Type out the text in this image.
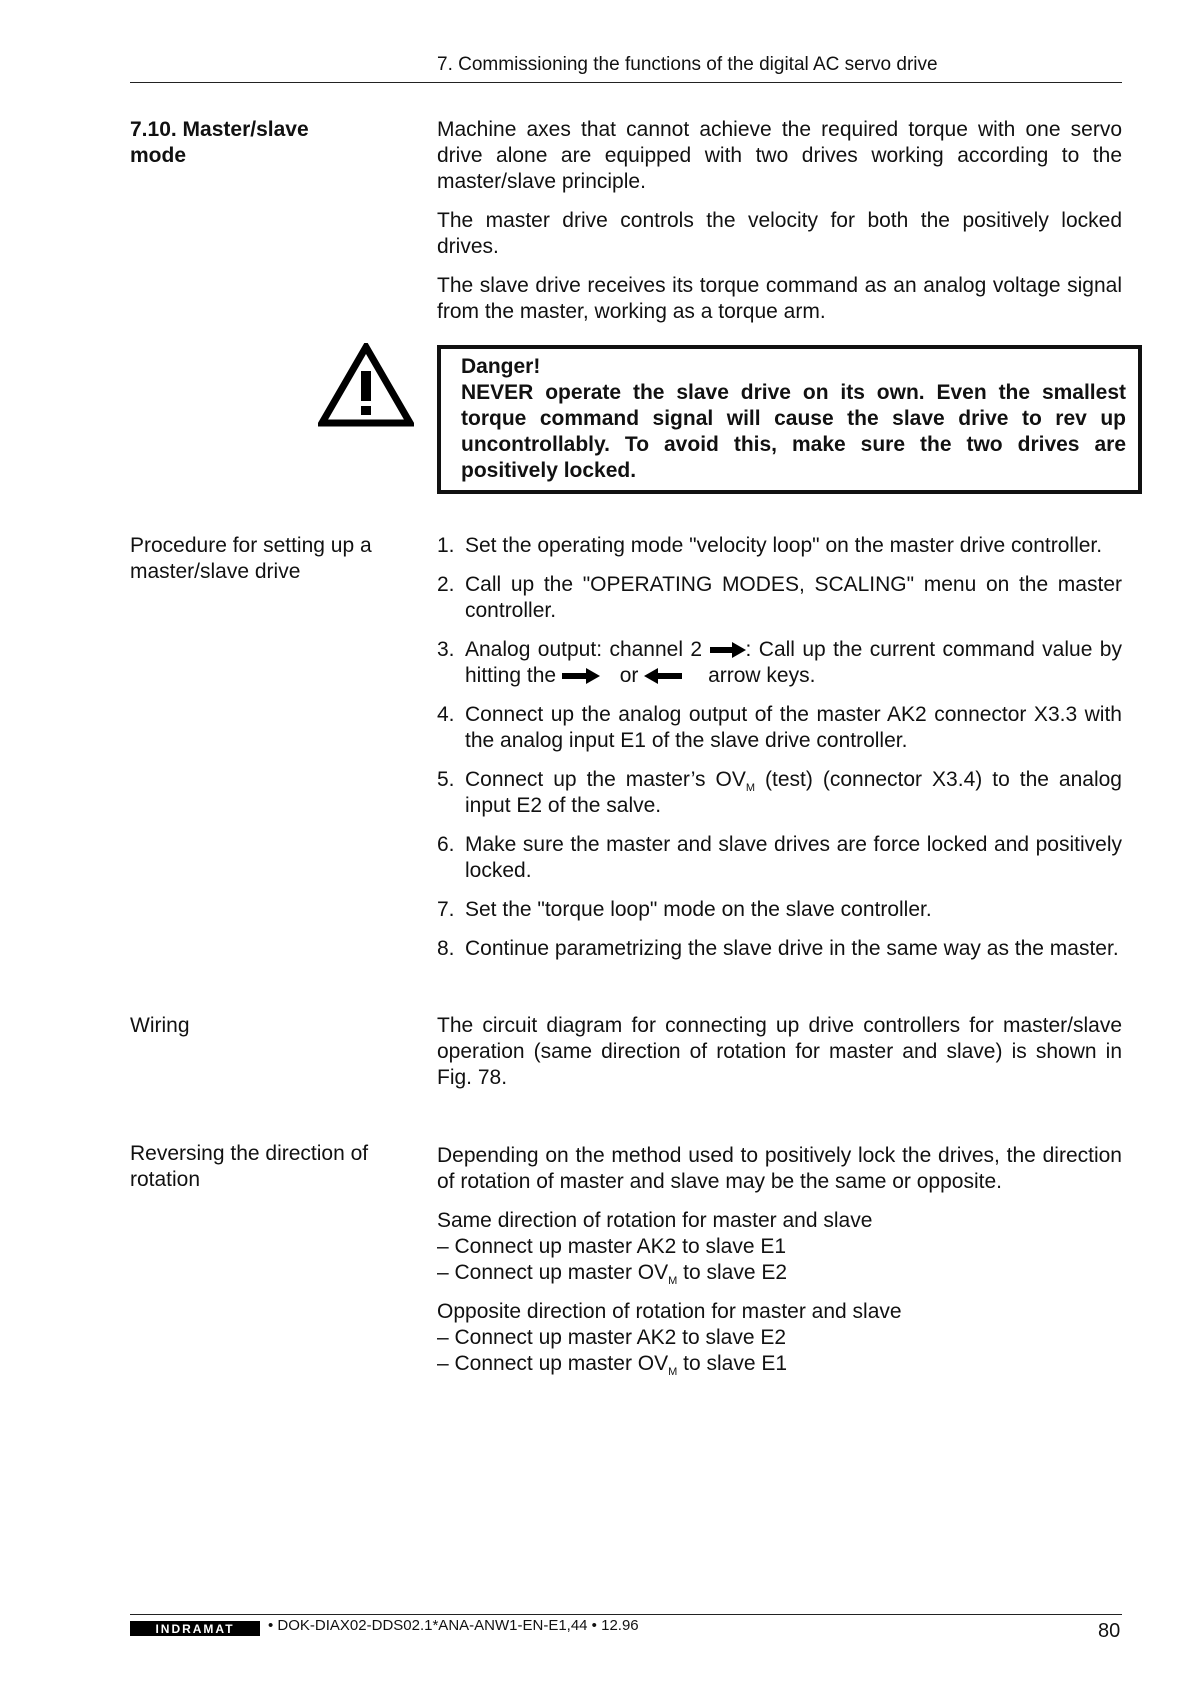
7. Commissioning the functions of the digital AC servo drive
7.10. Master/slave mode

Machine axes that cannot achieve the required torque with one servo drive alone are equipped with two drives working according to the master/slave principle.

The master drive controls the velocity for both the positively locked drives.

The slave drive receives its torque command as an analog voltage signal from the master, working as a torque arm.

Danger!
NEVER operate the slave drive on its own. Even the smallest torque command signal will cause the slave drive to rev up uncontrollably. To avoid this, make sure the two drives are positively locked.
Procedure for setting up a master/slave drive
1. Set the operating mode "velocity loop" on the master drive controller.
2. Call up the "OPERATING MODES, SCALING" menu on the master controller.
3. Analog output: channel 2 : Call up the current command value by hitting the  or	arrow keys.
4. Connect up the analog output of the master AK2 connector X3.3 with the analog input E1 of the slave drive controller.
5. Connect up the master’s $OV_M$ (test) (connector X3.4) to the analog input E2 of the salve.
6. Make sure the master and slave drives are force locked and positively locked.
7. Set the "torque loop" mode on the slave controller.
8. Continue parametrizing the slave drive in the same way as the master.
Wiring	The circuit diagram for connecting up drive controllers for master/slave operation (same direction of rotation for master and slave) is shown in Fig. 78.
Reversing the direction of rotation

Depending on the method used to positively lock the drives, the direction of rotation of master and slave may be the same or opposite.

Same direction of rotation for master and slave
– Connect up master AK2 to slave E1
– Connect up master $OV_M$ to slave E2
Opposite direction of rotation for master and slave
– Connect up master AK2 to slave E2
– Connect up master $OV_M$ to slave E1
INDRAMAT • DOK-DIAX02-DDS02.1*ANA-ANW1-EN-E1,44 • 12.96	80
